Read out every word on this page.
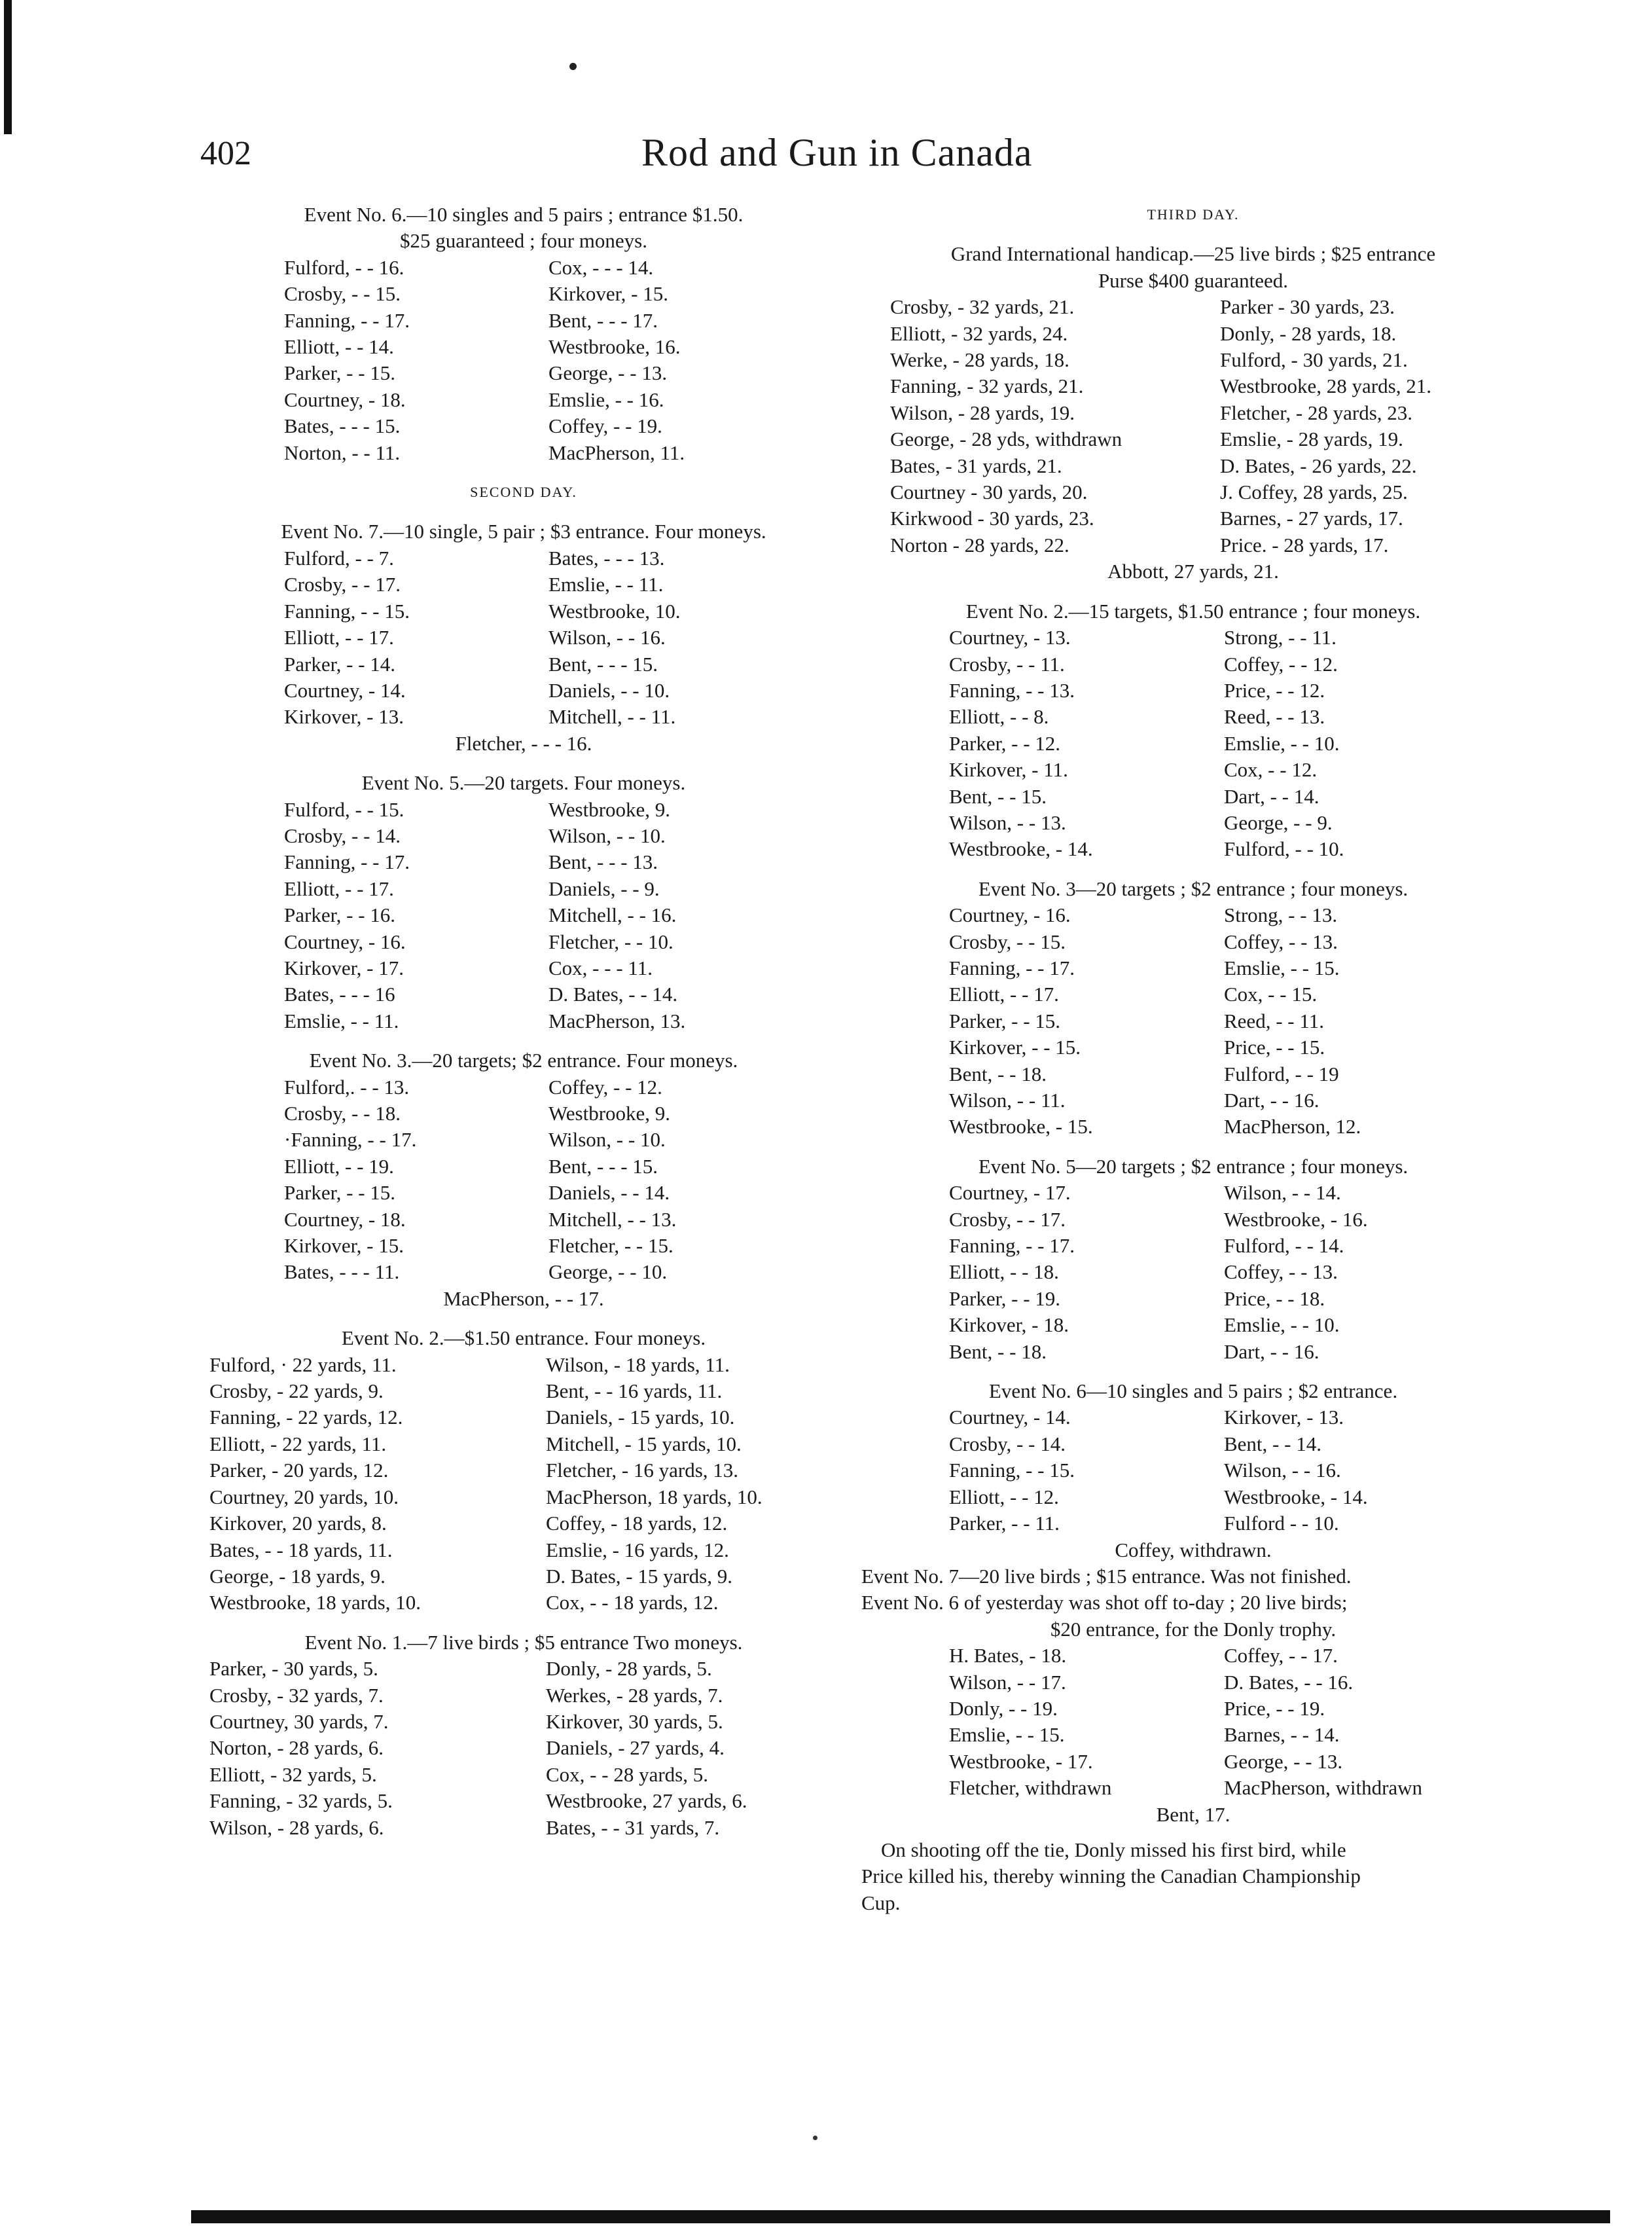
402	Rod and Gun in Canada
Event No. 6.—10 singles and 5 pairs ; entrance $1.50.
$25 guaranteed ; four moneys.
Fulford, - - 16.	Cox, - - - 14.
Crosby, - - 15.	Kirkover, - 15.
Fanning, - - 17.	Bent, - - - 17.
Elliott, - - 14.	Westbrooke, 16.
Parker, - - 15.	George, - - 13.
Courtney, - 18.	Emslie, - - 16.
Bates, - - - 15.	Coffey, - - 19.
Norton, - - 11.	MacPherson, 11.
SECOND DAY.
Event No. 7.—10 single, 5 pair ; $3 entrance. Four moneys.
Fulford, - - 7.	Bates, - - - 13.
Crosby, - - 17.	Emslie, - - 11.
Fanning, - - 15.	Westbrooke, 10.
Elliott, - - 17.	Wilson, - - 16.
Parker, - - 14.	Bent, - - - 15.
Courtney, - 14.	Daniels, - - 10.
Kirkover, - 13.	Mitchell, - - 11.
Fletcher, - - - 16.
Event No. 5.—20 targets. Four moneys.
Fulford, - - 15.	Westbrooke, 9.
Crosby, - - 14.	Wilson, - - 10.
Fanning, - - 17.	Bent, - - - 13.
Elliott, - - 17.	Daniels, - - 9.
Parker, - - 16.	Mitchell, - - 16.
Courtney, - 16.	Fletcher, - - 10.
Kirkover, - 17.	Cox, - - - 11.
Bates, - - - 16	D. Bates, - - 14.
Emslie, - - 11.	MacPherson, 13.
Event No. 3.—20 targets; $2 entrance. Four moneys.
Fulford,. - - 13.	Coffey, - - 12.
Crosby, - - 18.	Westbrooke, 9.
·Fanning, - - 17.	Wilson, - - 10.
Elliott, - - 19.	Bent, - - - 15.
Parker, - - 15.	Daniels, - - 14.
Courtney, - 18.	Mitchell, - - 13.
Kirkover, - 15.	Fletcher, - - 15.
Bates, - - - 11.	George, - - 10.
MacPherson, - - 17.
Event No. 2.—$1.50 entrance. Four moneys.
Fulford, · 22 yards, 11.	Wilson, - 18 yards, 11.
Crosby, - 22 yards, 9.	Bent, - - 16 yards, 11.
Fanning, - 22 yards, 12.	Daniels, - 15 yards, 10.
Elliott, - 22 yards, 11.	Mitchell, - 15 yards, 10.
Parker, - 20 yards, 12.	Fletcher, - 16 yards, 13.
Courtney, 20 yards, 10.	MacPherson, 18 yards, 10.
Kirkover, 20 yards, 8.	Coffey, - 18 yards, 12.
Bates, - - 18 yards, 11.	Emslie, - 16 yards, 12.
George, - 18 yards, 9.	D. Bates, - 15 yards, 9.
Westbrooke, 18 yards, 10.	Cox, - - 18 yards, 12.
Event No. 1.—7 live birds ; $5 entrance Two moneys.
Parker, - 30 yards, 5.	Donly, - 28 yards, 5.
Crosby, - 32 yards, 7.	Werkes, - 28 yards, 7.
Courtney, 30 yards, 7.	Kirkover, 30 yards, 5.
Norton, - 28 yards, 6.	Daniels, - 27 yards, 4.
Elliott, - 32 yards, 5.	Cox, - - 28 yards, 5.
Fanning, - 32 yards, 5.	Westbrooke, 27 yards, 6.
Wilson, - 28 yards, 6.	Bates, - - 31 yards, 7.
THIRD DAY.
Grand International handicap.—25 live birds ; $25 entrance
Purse $400 guaranteed.
Crosby, - 32 yards, 21.	Parker - 30 yards, 23.
Elliott, - 32 yards, 24.	Donly, - 28 yards, 18.
Werke, - 28 yards, 18.	Fulford, - 30 yards, 21.
Fanning, - 32 yards, 21.	Westbrooke, 28 yards, 21.
Wilson, - 28 yards, 19.	Fletcher, - 28 yards, 23.
George, - 28 yds, withdrawn	Emslie, - 28 yards, 19.
Bates, - 31 yards, 21.	D. Bates, - 26 yards, 22.
Courtney - 30 yards, 20.	J. Coffey, 28 yards, 25.
Kirkwood - 30 yards, 23.	Barnes, - 27 yards, 17.
Norton - 28 yards, 22.	Price. - 28 yards, 17.
Abbott, 27 yards, 21.
Event No. 2.—15 targets, $1.50 entrance ; four moneys.
Courtney, - 13.	Strong, - - 11.
Crosby, - - 11.	Coffey, - - 12.
Fanning, - - 13.	Price, - - 12.
Elliott, - - 8.	Reed, - - 13.
Parker, - - 12.	Emslie, - - 10.
Kirkover, - 11.	Cox, - - 12.
Bent, - - 15.	Dart, - - 14.
Wilson, - - 13.	George, - - 9.
Westbrooke, - 14.	Fulford, - - 10.
Event No. 3—20 targets ; $2 entrance ; four moneys.
Courtney, - 16.	Strong, - - 13.
Crosby, - - 15.	Coffey, - - 13.
Fanning, - - 17.	Emslie, - - 15.
Elliott, - - 17.	Cox, - - 15.
Parker, - - 15.	Reed, - - 11.
Kirkover, - - 15.	Price, - - 15.
Bent, - - 18.	Fulford, - - 19
Wilson, - - 11.	Dart, - - 16.
Westbrooke, - 15.	MacPherson, 12.
Event No. 5—20 targets ; $2 entrance ; four moneys.
Courtney, - 17.	Wilson, - - 14.
Crosby, - - 17.	Westbrooke, - 16.
Fanning, - - 17.	Fulford, - - 14.
Elliott, - - 18.	Coffey, - - 13.
Parker, - - 19.	Price, - - 18.
Kirkover, - 18.	Emslie, - - 10.
Bent, - - 18.	Dart, - - 16.
Event No. 6—10 singles and 5 pairs ; $2 entrance.
Courtney, - 14.	Kirkover, - 13.
Crosby, - - 14.	Bent, - - 14.
Fanning, - - 15.	Wilson, - - 16.
Elliott, - - 12.	Westbrooke, - 14.
Parker, - - 11.	Fulford - - 10.
Coffey, withdrawn.
Event No. 7—20 live birds ; $15 entrance. Was not finished.
Event No. 6 of yesterday was shot off to-day ; 20 live birds;
$20 entrance, for the Donly trophy.
H. Bates, - 18.	Coffey, - - 17.
Wilson, - - 17.	D. Bates, - - 16.
Donly, - - 19.	Price, - - 19.
Emslie, - - 15.	Barnes, - - 14.
Westbrooke, - 17.	George, - - 13.
Fletcher, withdrawn	MacPherson, withdrawn
Bent, 17.
On shooting off the tie, Donly missed his first bird, while
Price killed his, thereby winning the Canadian Championship
Cup.
